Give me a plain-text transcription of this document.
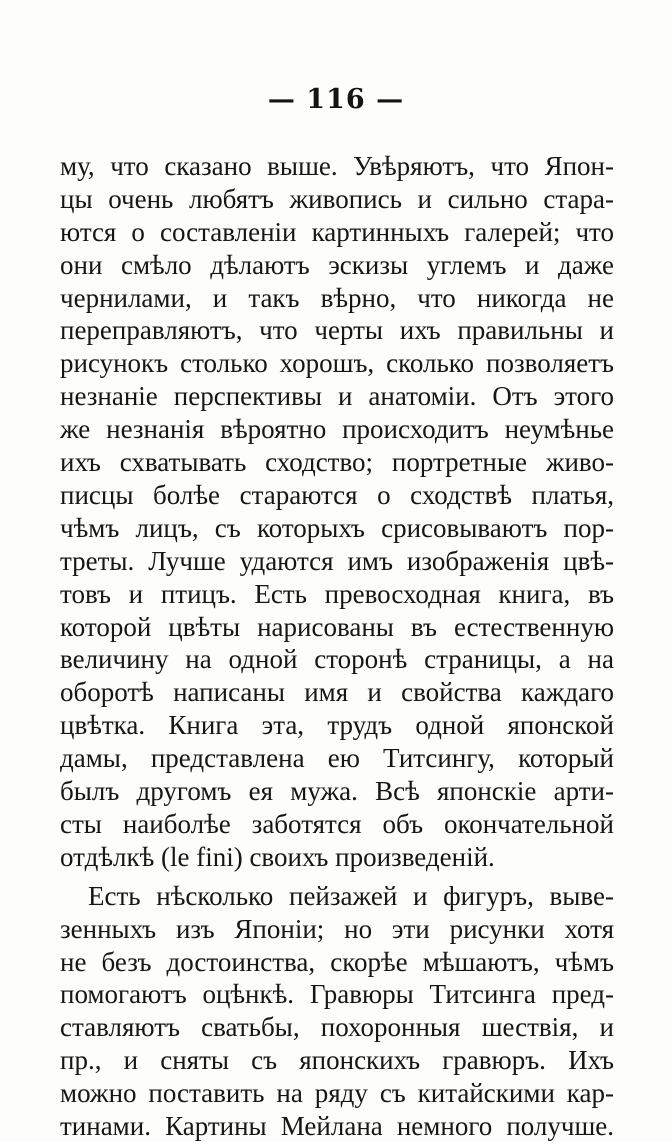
— 116 —
му, что сказано выше. Увѣряютъ, что Япон-
цы очень любятъ живопись и сильно стара-
ются о составленіи картинныхъ галерей; что
они смѣло дѣлаютъ эскизы углемъ и даже
чернилами, и такъ вѣрно, что никогда не
переправляютъ, что черты ихъ правильны и
рисунокъ столько хорошъ, сколько позволяетъ
незнаніе перспективы и анатоміи. Отъ этого
же незнанія вѣроятно происходитъ неумѣнье
ихъ схватывать сходство; портретные живо-
писцы болѣе стараются о сходствѣ платья,
чѣмъ лицъ, съ которыхъ срисовываютъ пор-
треты. Лучше удаются имъ изображенія цвѣ-
товъ и птицъ. Есть превосходная книга, въ
которой цвѣты нарисованы въ естественную
величину на одной сторонѣ страницы, а на
оборотѣ написаны имя и свойства каждаго
цвѣтка. Книга эта, трудъ одной японской
дамы, представлена ею Титсингу, который
былъ другомъ ея мужа. Всѣ японскіе арти-
сты наиболѣе заботятся объ окончательной
отдѣлкѣ (le fini) своихъ произведеній.
Есть нѣсколько пейзажей и фигуръ, выве-
зенныхъ изъ Японіи; но эти рисунки хотя
не безъ достоинства, скорѣе мѣшаютъ, чѣмъ
помогаютъ оцѣнкѣ. Гравюры Титсинга пред-
ставляютъ сватьбы, похоронныя шествія, и
пр., и сняты съ японскихъ гравюръ. Ихъ
можно поставить на ряду съ китайскими кар-
тинами. Картины Мейлана немного получше.
